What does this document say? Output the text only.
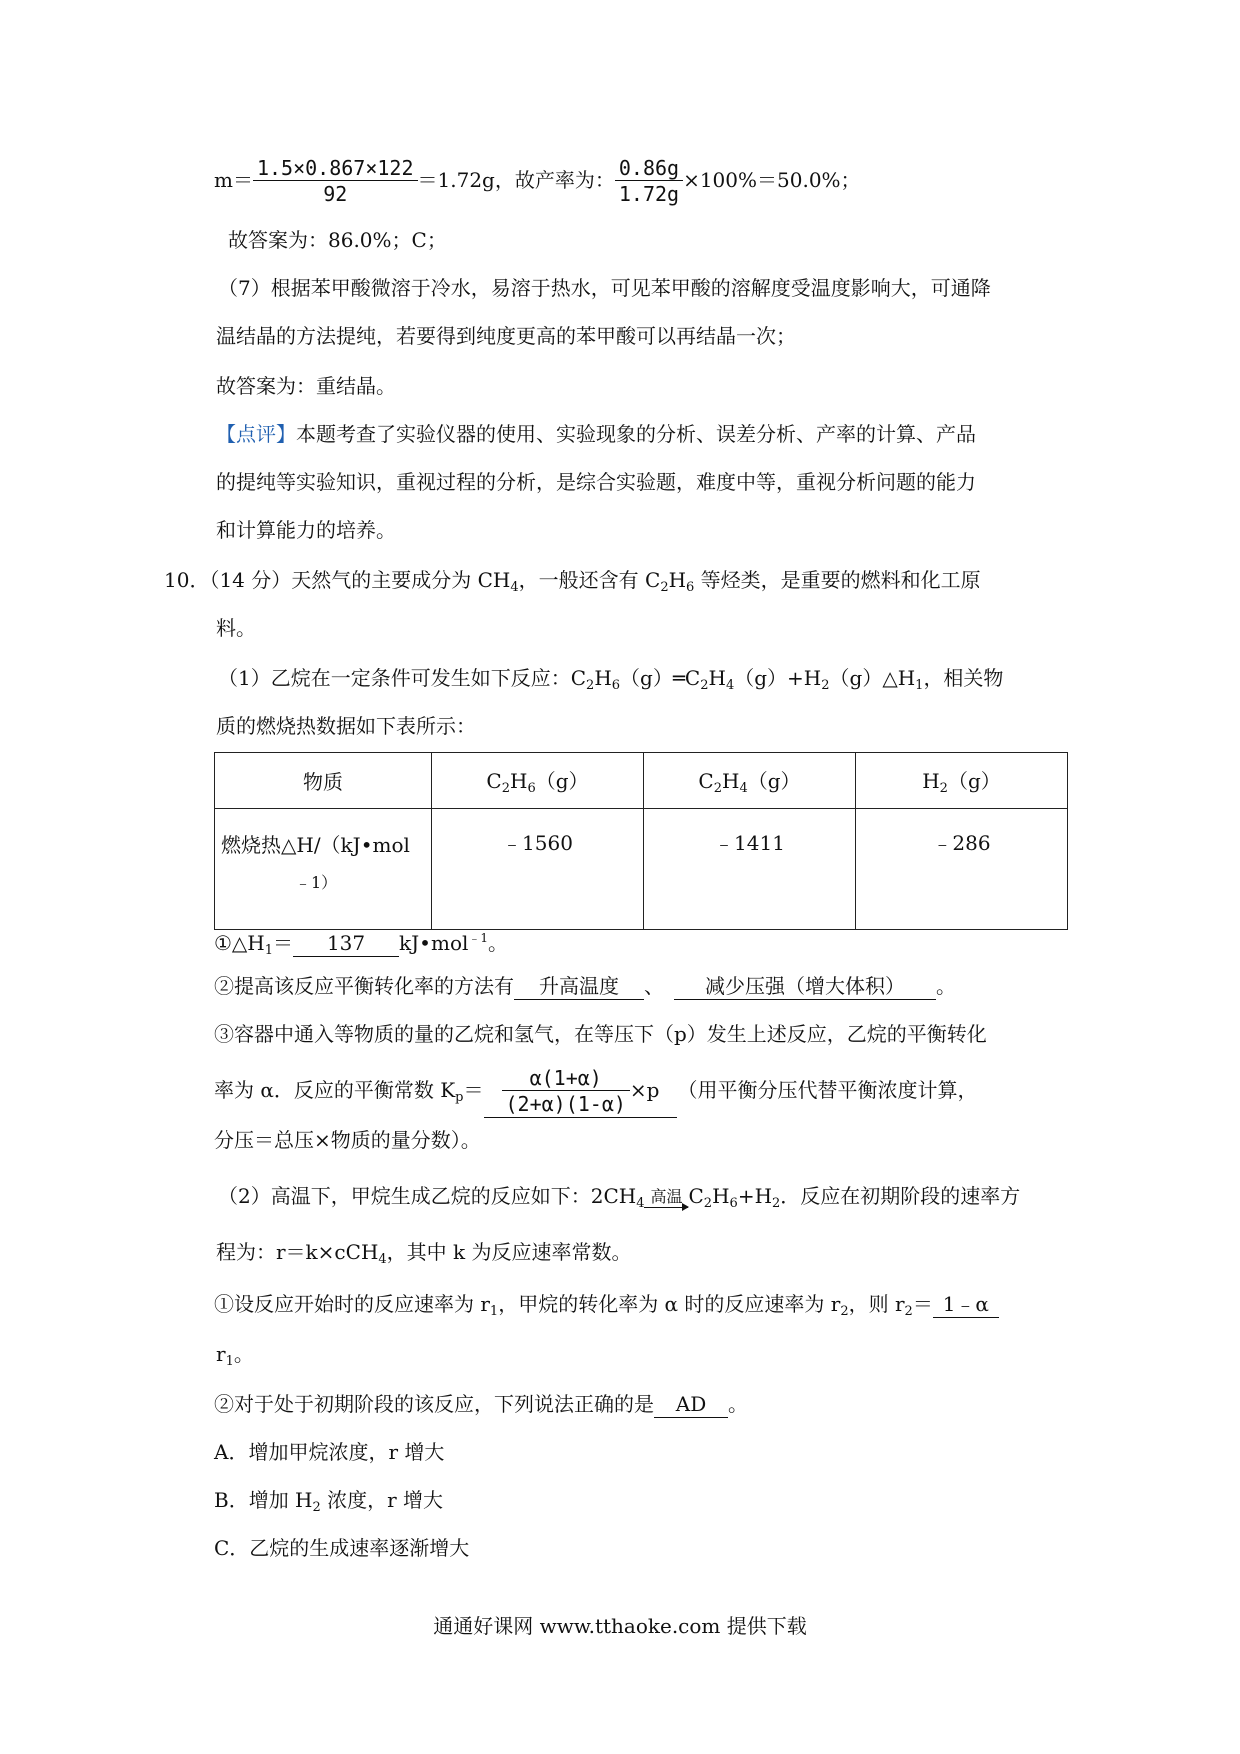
$m= \frac{1.5\times 0.867\times 122}{92} =1.72g$，故产率为： $\frac{0.86g}{1.72g} \times 100\%=50.0\%$；
故答案为：86.0%；C；
（7）根据苯甲酸微溶于冷水，易溶于热水，可见苯甲酸的溶解度受温度影响大，可通降
温结晶的方法提纯，若要得到纯度更高的苯甲酸可以再结晶一次；
故答案为：重结晶。
【点评】本题考查了实验仪器的使用、实验现象的分析、误差分析、产率的计算、产品
的提纯等实验知识，重视过程的分析，是综合实验题，难度中等，重视分析问题的能力
和计算能力的培养。
10．（14 分）天然气的主要成分为 $CH_4$，一般还含有 $C_2H_6$ 等烃类，是重要的燃料和化工原
料。
（1）乙烷在一定条件可发生如下反应：$C_2H_6(g)═C_2H_4(g)+H_2(g)\triangle H_1$，相关物
质的燃烧热数据如下表所示：
物质	$C_2H_6(g)$	$C_2H_4(g)$	$H_2(g)$
燃烧热△H/（kJ•mol
﹣1）	﹣1560	﹣1411	﹣286
$①\triangle H_1= 137$ kJ•mol$^{﹣1}$。
②提高该反应平衡转化率的方法有 升高温度 、 减少压强（增大体积） 。
③容器中通入等物质的量的乙烷和氢气，在等压下（p）发生上述反应，乙烷的平衡转化
率为 α．反应的平衡常数 $K_p= \frac{\alpha(1+\alpha)}{(2+\alpha)(1-\alpha)} \times p$ （用平衡分压代替平衡浓度计算，
分压＝总压×物质的量分数）。
（2）高温下，甲烷生成乙烷的反应如下：$2CH_4$ 高温 $C_2H_6+H_2$．反应在初期阶段的速率方
程为：r＝k×cCH$_4$，其中 k 为反应速率常数。
①设反应开始时的反应速率为 $r_1$，甲烷的转化率为 α 时的反应速率为 $r_2$，则 $r_2=$ 1﹣α
$r_1$。
②对于处于初期阶段的该反应，下列说法正确的是 AD 。
A．增加甲烷浓度，r 增大
B．增加 $H_2$ 浓度，r 增大
C．乙烷的生成速率逐渐增大
通通好课网 www.tthaoke.com 提供下载
